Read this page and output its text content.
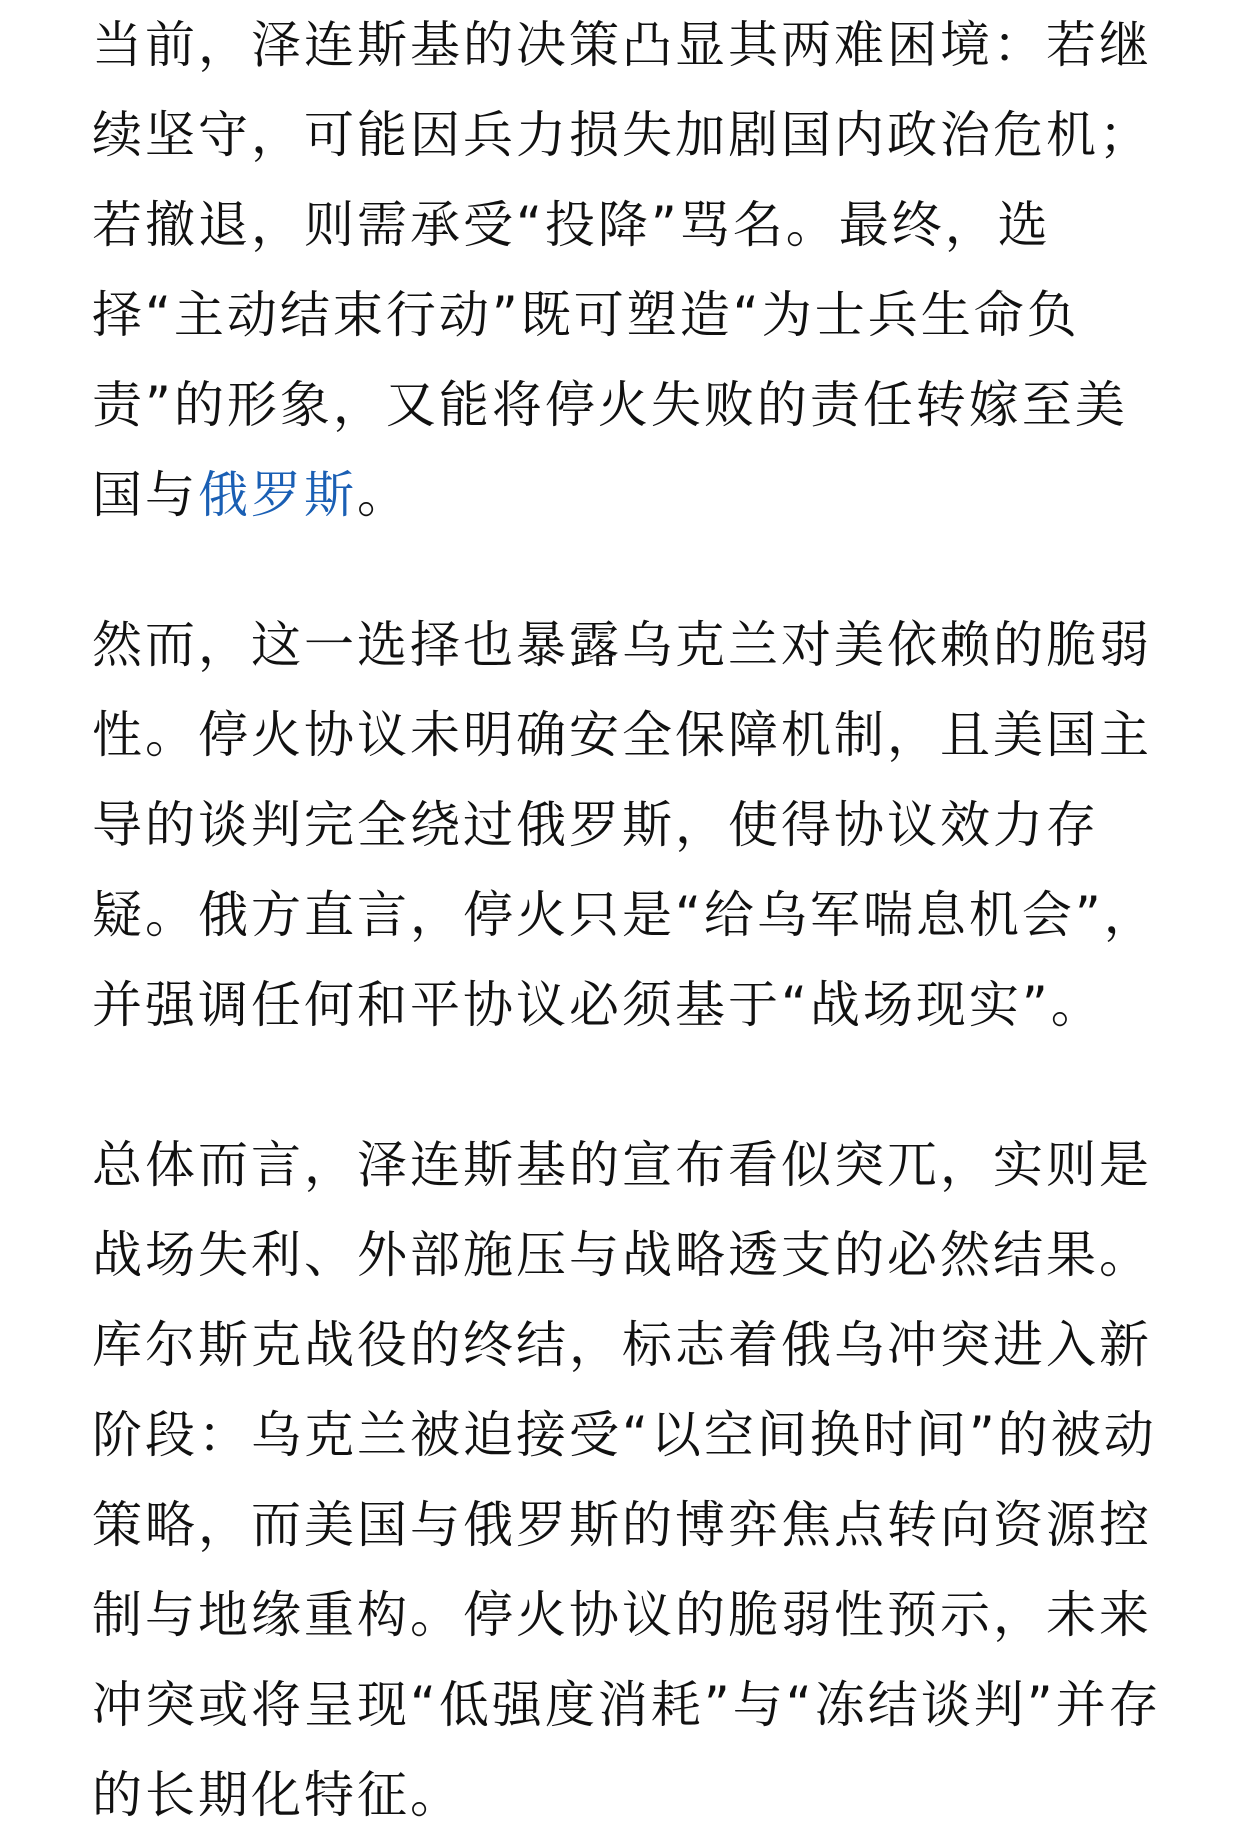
当前，泽连斯基的决策凸显其两难困境：若继续坚守，可能因兵力损失加剧国内政治危机；若撤退，则需承受“投降”骂名。最终，选择“主动结束行动”既可塑造“为士兵生命负责”的形象，又能将停火失败的责任转嫁至美国与俄罗斯。

然而，这一选择也暴露乌克兰对美依赖的脆弱性。停火协议未明确安全保障机制，且美国主导的谈判完全绕过俄罗斯，使得协议效力存疑。俄方直言，停火只是“给乌军喘息机会”，并强调任何和平协议必须基于“战场现实”。

总体而言，泽连斯基的宣布看似突兀，实则是战场失利、外部施压与战略透支的必然结果。库尔斯克战役的终结，标志着俄乌冲突进入新阶段：乌克兰被迫接受“以空间换时间”的被动策略，而美国与俄罗斯的博弈焦点转向资源控制与地缘重构。停火协议的脆弱性预示，未来冲突或将呈现“低强度消耗”与“冻结谈判”并存的长期化特征。
